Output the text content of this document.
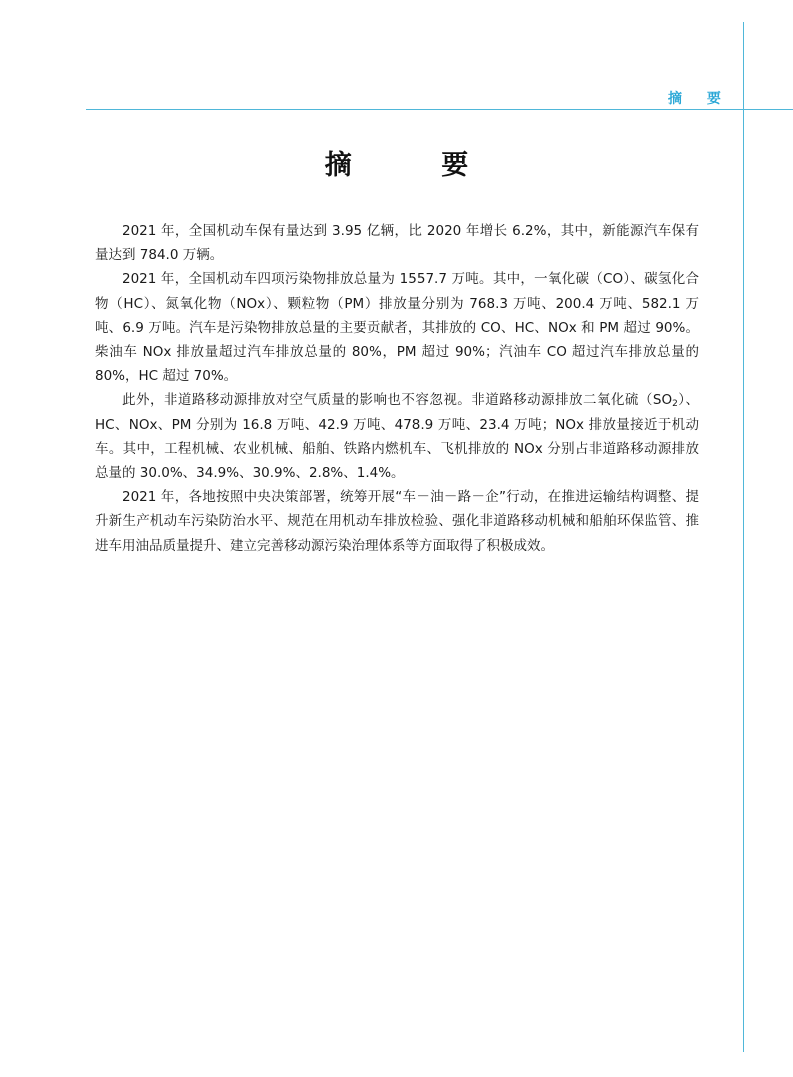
摘 要
摘 要

2021 年，全国机动车保有量达到 3.95 亿辆，比 2020 年增长 6.2%，其中，新能源汽车保有量达到 784.0 万辆。

2021 年，全国机动车四项污染物排放总量为 1557.7 万吨。其中，一氧化碳（CO）、碳氢化合物（HC）、氮氧化物（NOx）、颗粒物（PM）排放量分别为 768.3 万吨、200.4 万吨、582.1 万吨、6.9 万吨。汽车是污染物排放总量的主要贡献者，其排放的 CO、HC、NOx 和 PM 超过 90%。柴油车 NOx 排放量超过汽车排放总量的 80%，PM 超过 90%；汽油车 CO 超过汽车排放总量的 80%，HC 超过 70%。

此外，非道路移动源排放对空气质量的影响也不容忽视。非道路移动源排放二氧化硫$(SO_2)$、HC、NOx、PM 分别为 16.8 万吨、42.9 万吨、478.9 万吨、23.4 万吨；NOx 排放量接近于机动车。其中，工程机械、农业机械、船舶、铁路内燃机车、飞机排放的 NOx 分别占非道路移动源排放总量的 30.0%、34.9%、30.9%、2.8%、1.4%。

2021 年，各地按照中央决策部署，统筹开展“车－油－路－企”行动，在推进运输结构调整、提升新生产机动车污染防治水平、规范在用机动车排放检验、强化非道路移动机械和船舶环保监管、推进车用油品质量提升、建立完善移动源污染治理体系等方面取得了积极成效。
